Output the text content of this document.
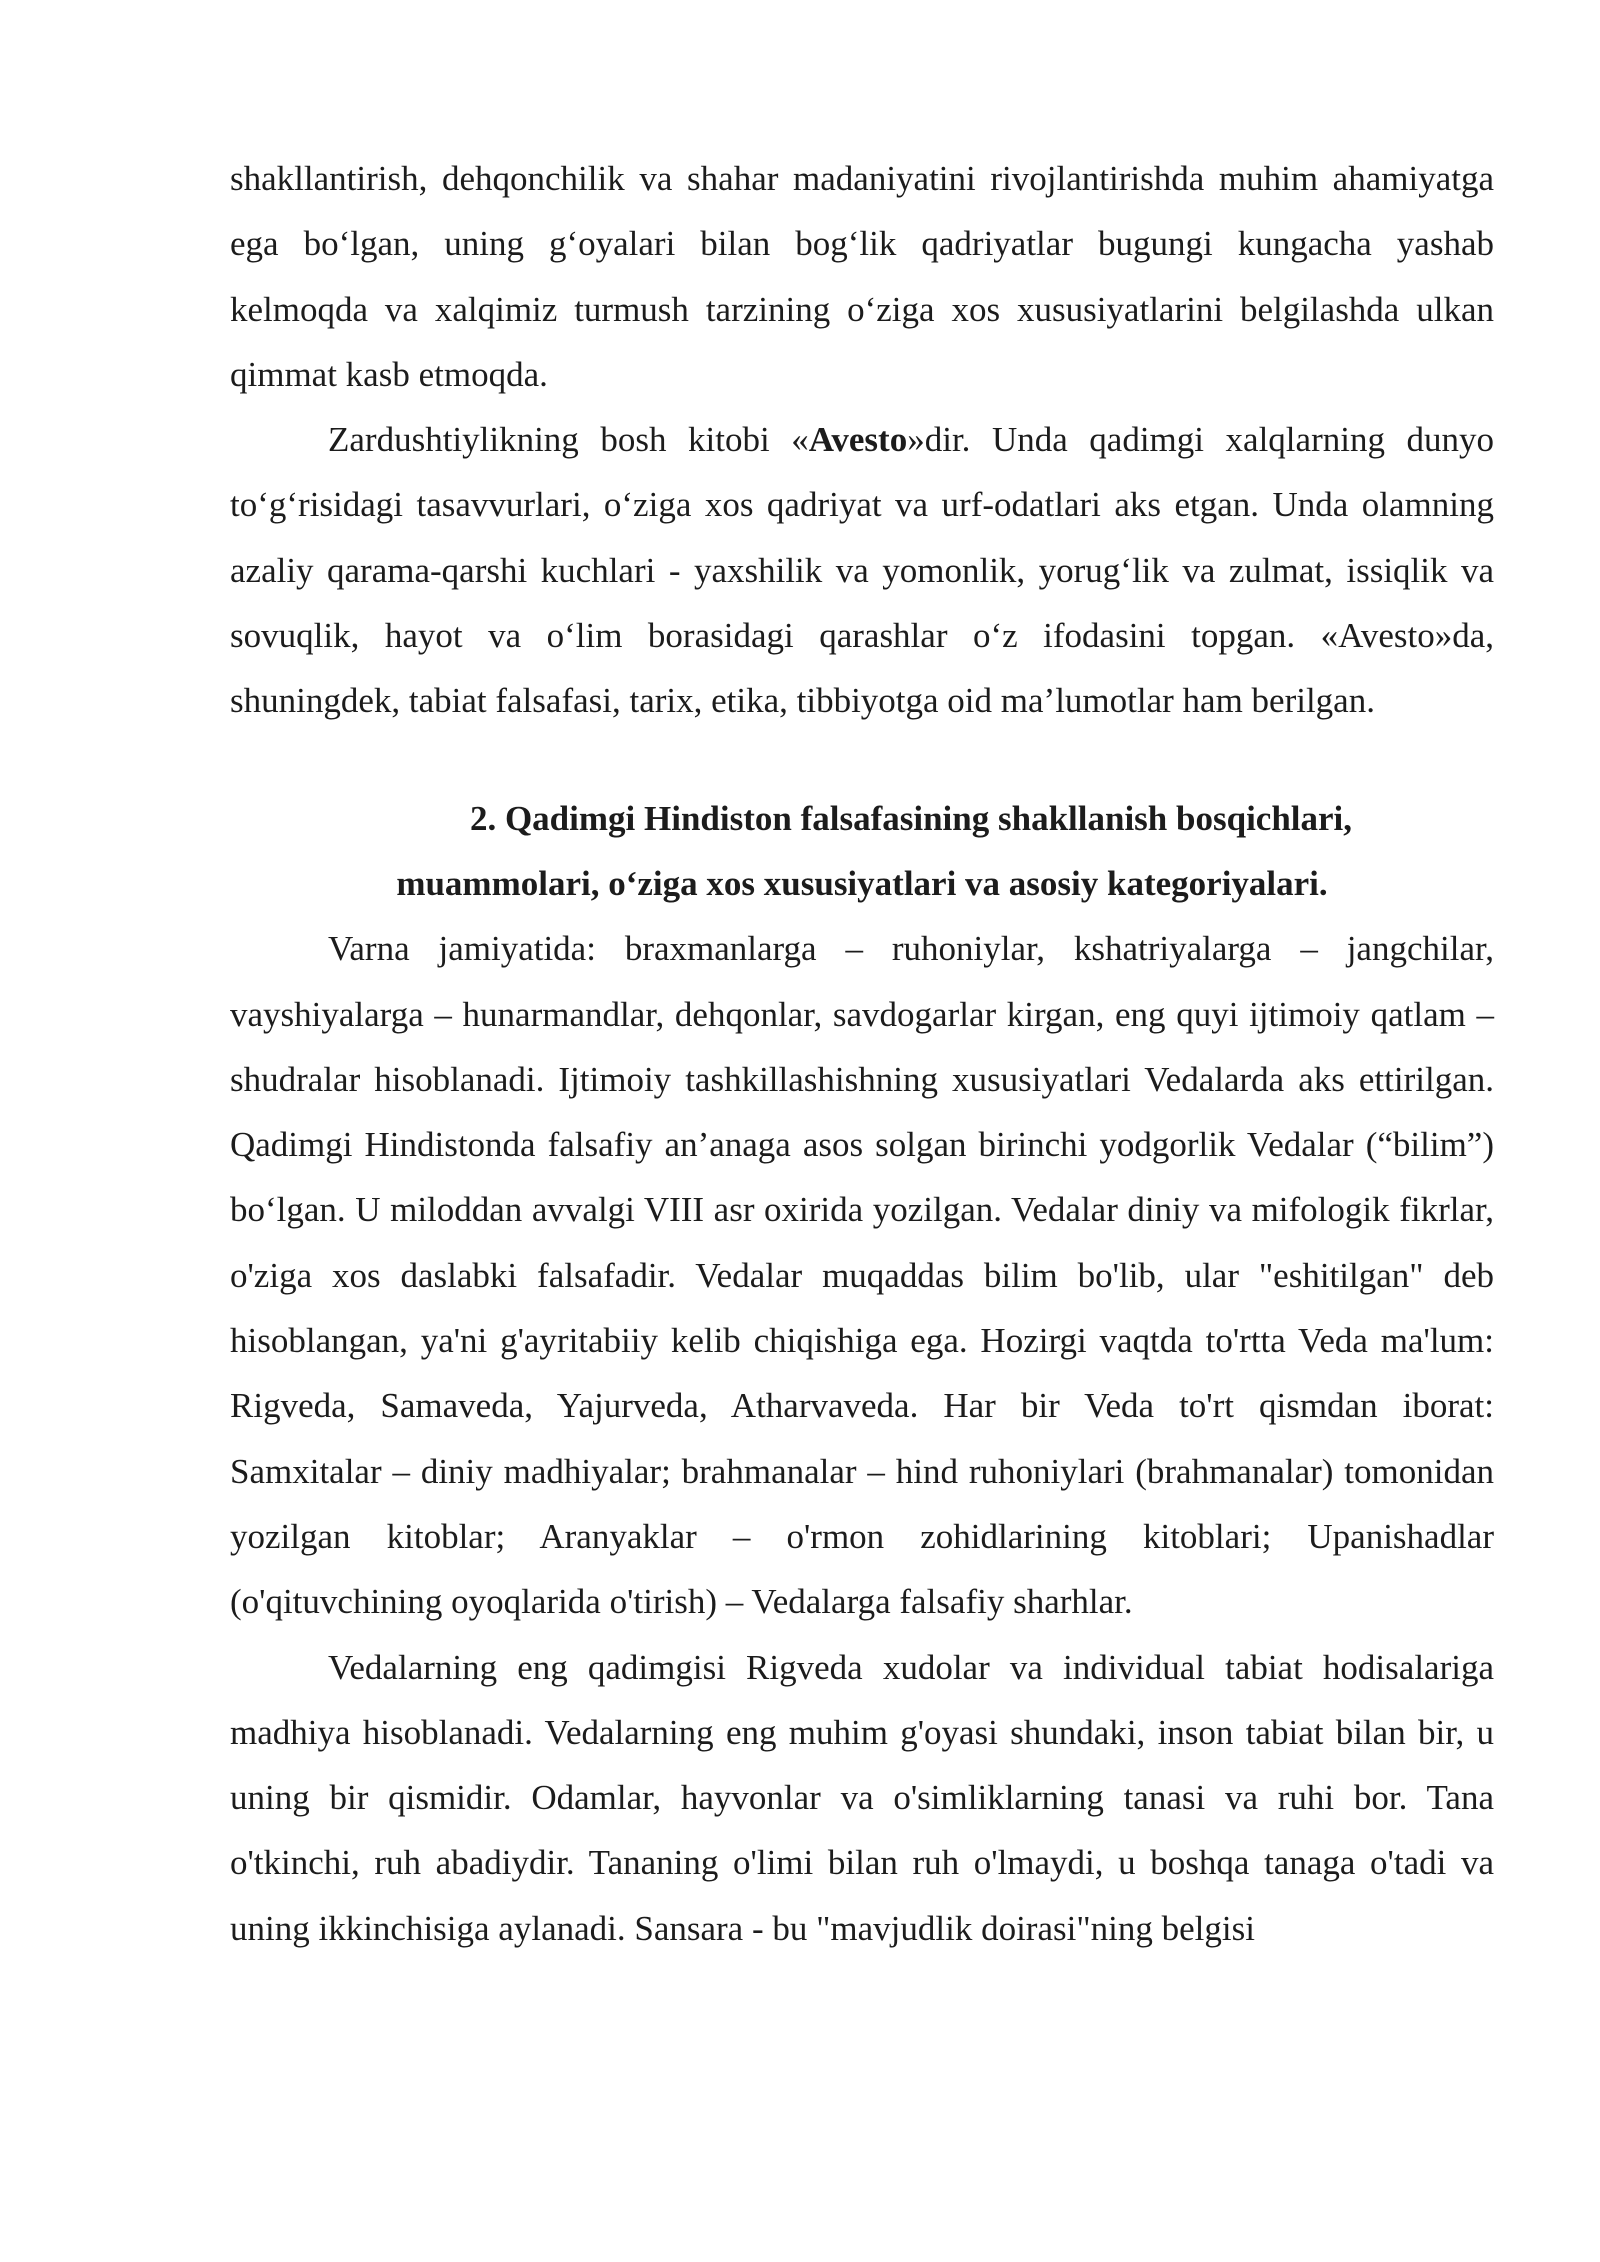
shakllantirish, dehqonchilik va shahar madaniyatini rivojlantirishda muhim ahamiyatga ega bo‘lgan, uning g‘oyalari bilan bog‘lik qadriyatlar bugungi kungacha yashab kelmoqda va xalqimiz turmush tarzining o‘ziga xos xususiyatlarini belgilashda ulkan qimmat kasb etmoqda.

Zardushtiylikning bosh kitobi «Avesto»dir. Unda qadimgi xalqlarning dunyo to‘g‘risidagi tasavvurlari, o‘ziga xos qadriyat va urf-odatlari aks etgan. Unda olamning azaliy qarama-qarshi kuchlari - yaxshilik va yomonlik, yorug‘lik va zulmat, issiqlik va sovuqlik, hayot va o‘lim borasidagi qarashlar o‘z ifodasini topgan. «Avesto»da, shuningdek, tabiat falsafasi, tarix, etika, tibbiyotga oid ma’lumotlar ham berilgan.

2. Qadimgi Hindiston falsafasining shakllanish bosqichlari,
muammolari, o‘ziga xos xususiyatlari va asosiy kategoriyalari.

Varna jamiyatida: braxmanlarga – ruhoniylar, kshatriyalarga – jangchilar, vayshiyalarga – hunarmandlar, dehqonlar, savdogarlar kirgan, eng quyi ijtimoiy qatlam – shudralar hisoblanadi. Ijtimoiy tashkillashishning xususiyatlari Vedalarda aks ettirilgan. Qadimgi Hindistonda falsafiy an’anaga asos solgan birinchi yodgorlik Vedalar (“bilim”) bo‘lgan. U miloddan avvalgi VIII asr oxirida yozilgan. Vedalar diniy va mifologik fikrlar, o'ziga xos daslabki falsafadir. Vedalar muqaddas bilim bo'lib, ular "eshitilgan" deb hisoblangan, ya'ni g'ayritabiiy kelib chiqishiga ega. Hozirgi vaqtda to'rtta Veda ma'lum: Rigveda, Samaveda, Yajurveda, Atharvaveda. Har bir Veda to'rt qismdan iborat: Samxitalar – diniy madhiyalar; brahmanalar – hind ruhoniylari (brahmanalar) tomonidan yozilgan kitoblar; Aranyaklar – o'rmon zohidlarining kitoblari; Upanishadlar (o'qituvchining oyoqlarida o'tirish) – Vedalarga falsafiy sharhlar.

Vedalarning eng qadimgisi Rigveda xudolar va individual tabiat hodisalariga madhiya hisoblanadi. Vedalarning eng muhim g'oyasi shundaki, inson tabiat bilan bir, u uning bir qismidir. Odamlar, hayvonlar va o'simliklarning tanasi va ruhi bor. Tana o'tkinchi, ruh abadiydir. Tananing o'limi bilan ruh o'lmaydi, u boshqa tanaga o'tadi va uning ikkinchisiga aylanadi. Sansara - bu "mavjudlik doirasi"ning belgisi
